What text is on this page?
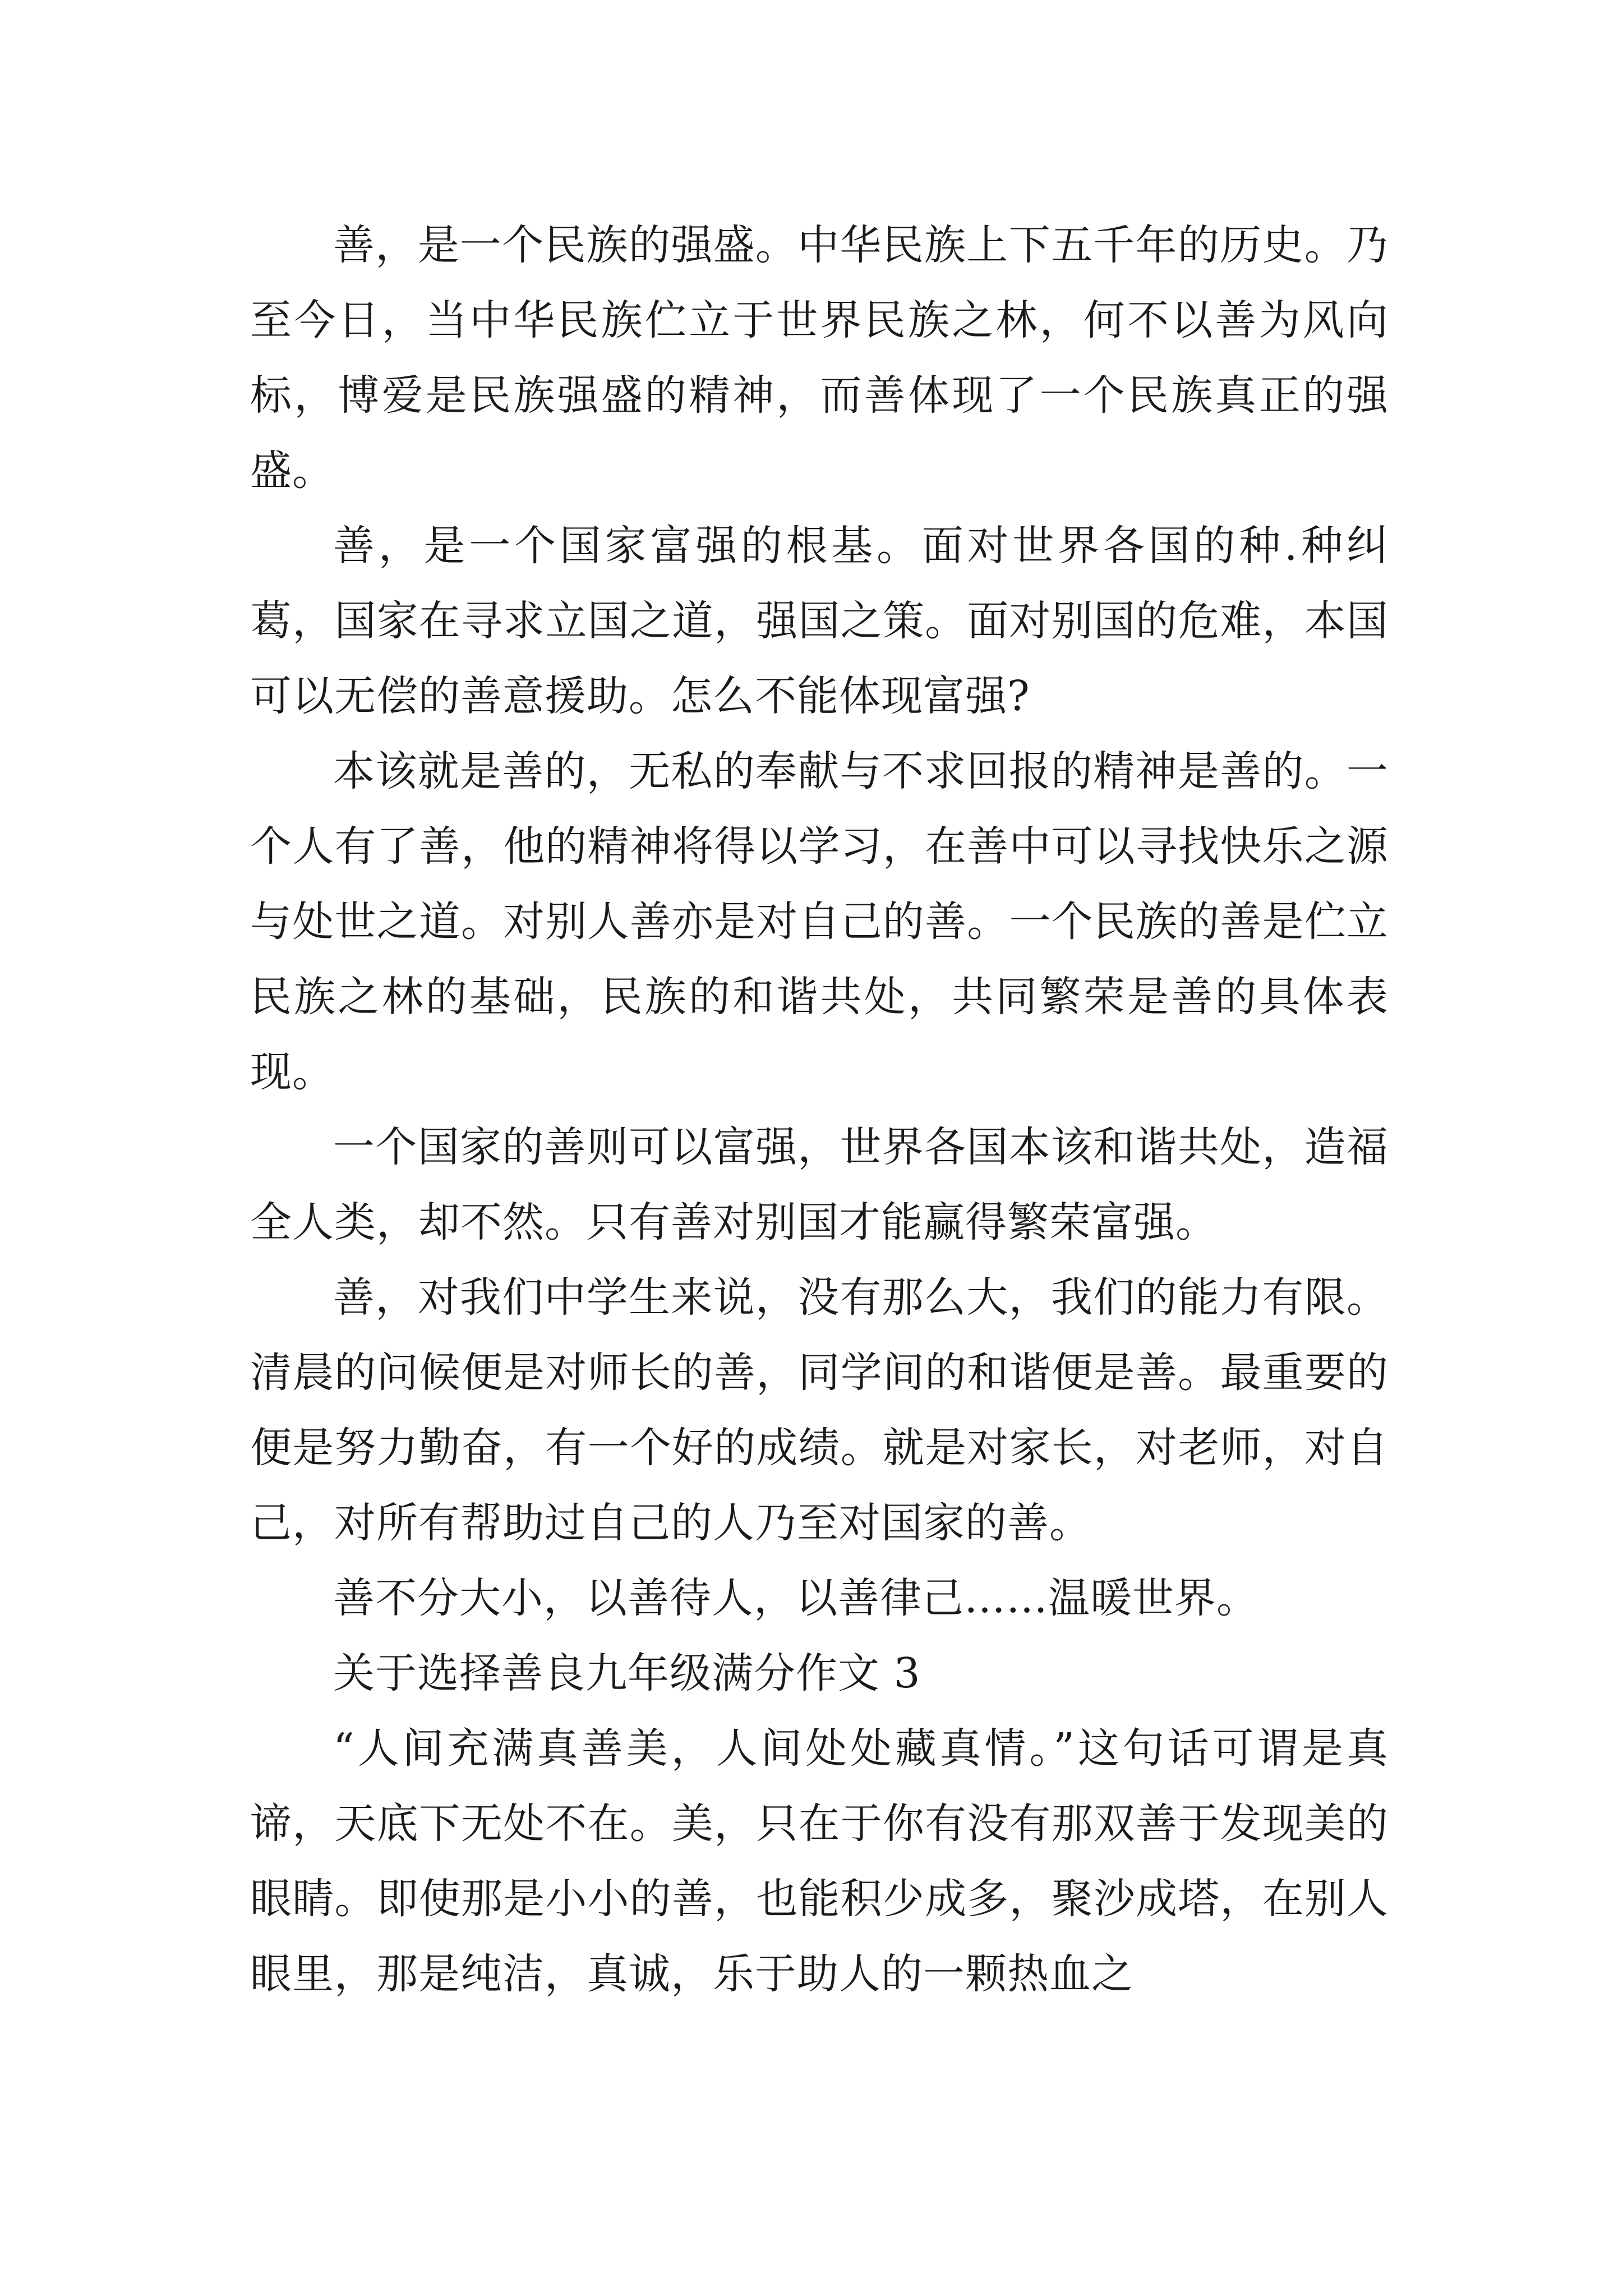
善，是一个民族的强盛。中华民族上下五千年的历史。乃至今日，当中华民族伫立于世界民族之林，何不以善为风向标，博爱是民族强盛的精神，而善体现了一个民族真正的强盛。

善，是一个国家富强的根基。面对世界各国的种.种纠葛，国家在寻求立国之道，强国之策。面对别国的危难，本国可以无偿的善意援助。怎么不能体现富强?

本该就是善的，无私的奉献与不求回报的精神是善的。一个人有了善，他的精神将得以学习，在善中可以寻找快乐之源与处世之道。对别人善亦是对自己的善。一个民族的善是伫立民族之林的基础，民族的和谐共处，共同繁荣是善的具体表现。

一个国家的善则可以富强，世界各国本该和谐共处，造福全人类，却不然。只有善对别国才能赢得繁荣富强。

善，对我们中学生来说，没有那么大，我们的能力有限。清晨的问候便是对师长的善，同学间的和谐便是善。最重要的便是努力勤奋，有一个好的成绩。就是对家长，对老师，对自己，对所有帮助过自己的人乃至对国家的善。

善不分大小，以善待人，以善律己……温暖世界。

关于选择善良九年级满分作文 3

“人间充满真善美，人间处处藏真情。”这句话可谓是真谛，天底下无处不在。美，只在于你有没有那双善于发现美的眼睛。即使那是小小的善，也能积少成多，聚沙成塔，在别人眼里，那是纯洁，真诚，乐于助人的一颗热血之
